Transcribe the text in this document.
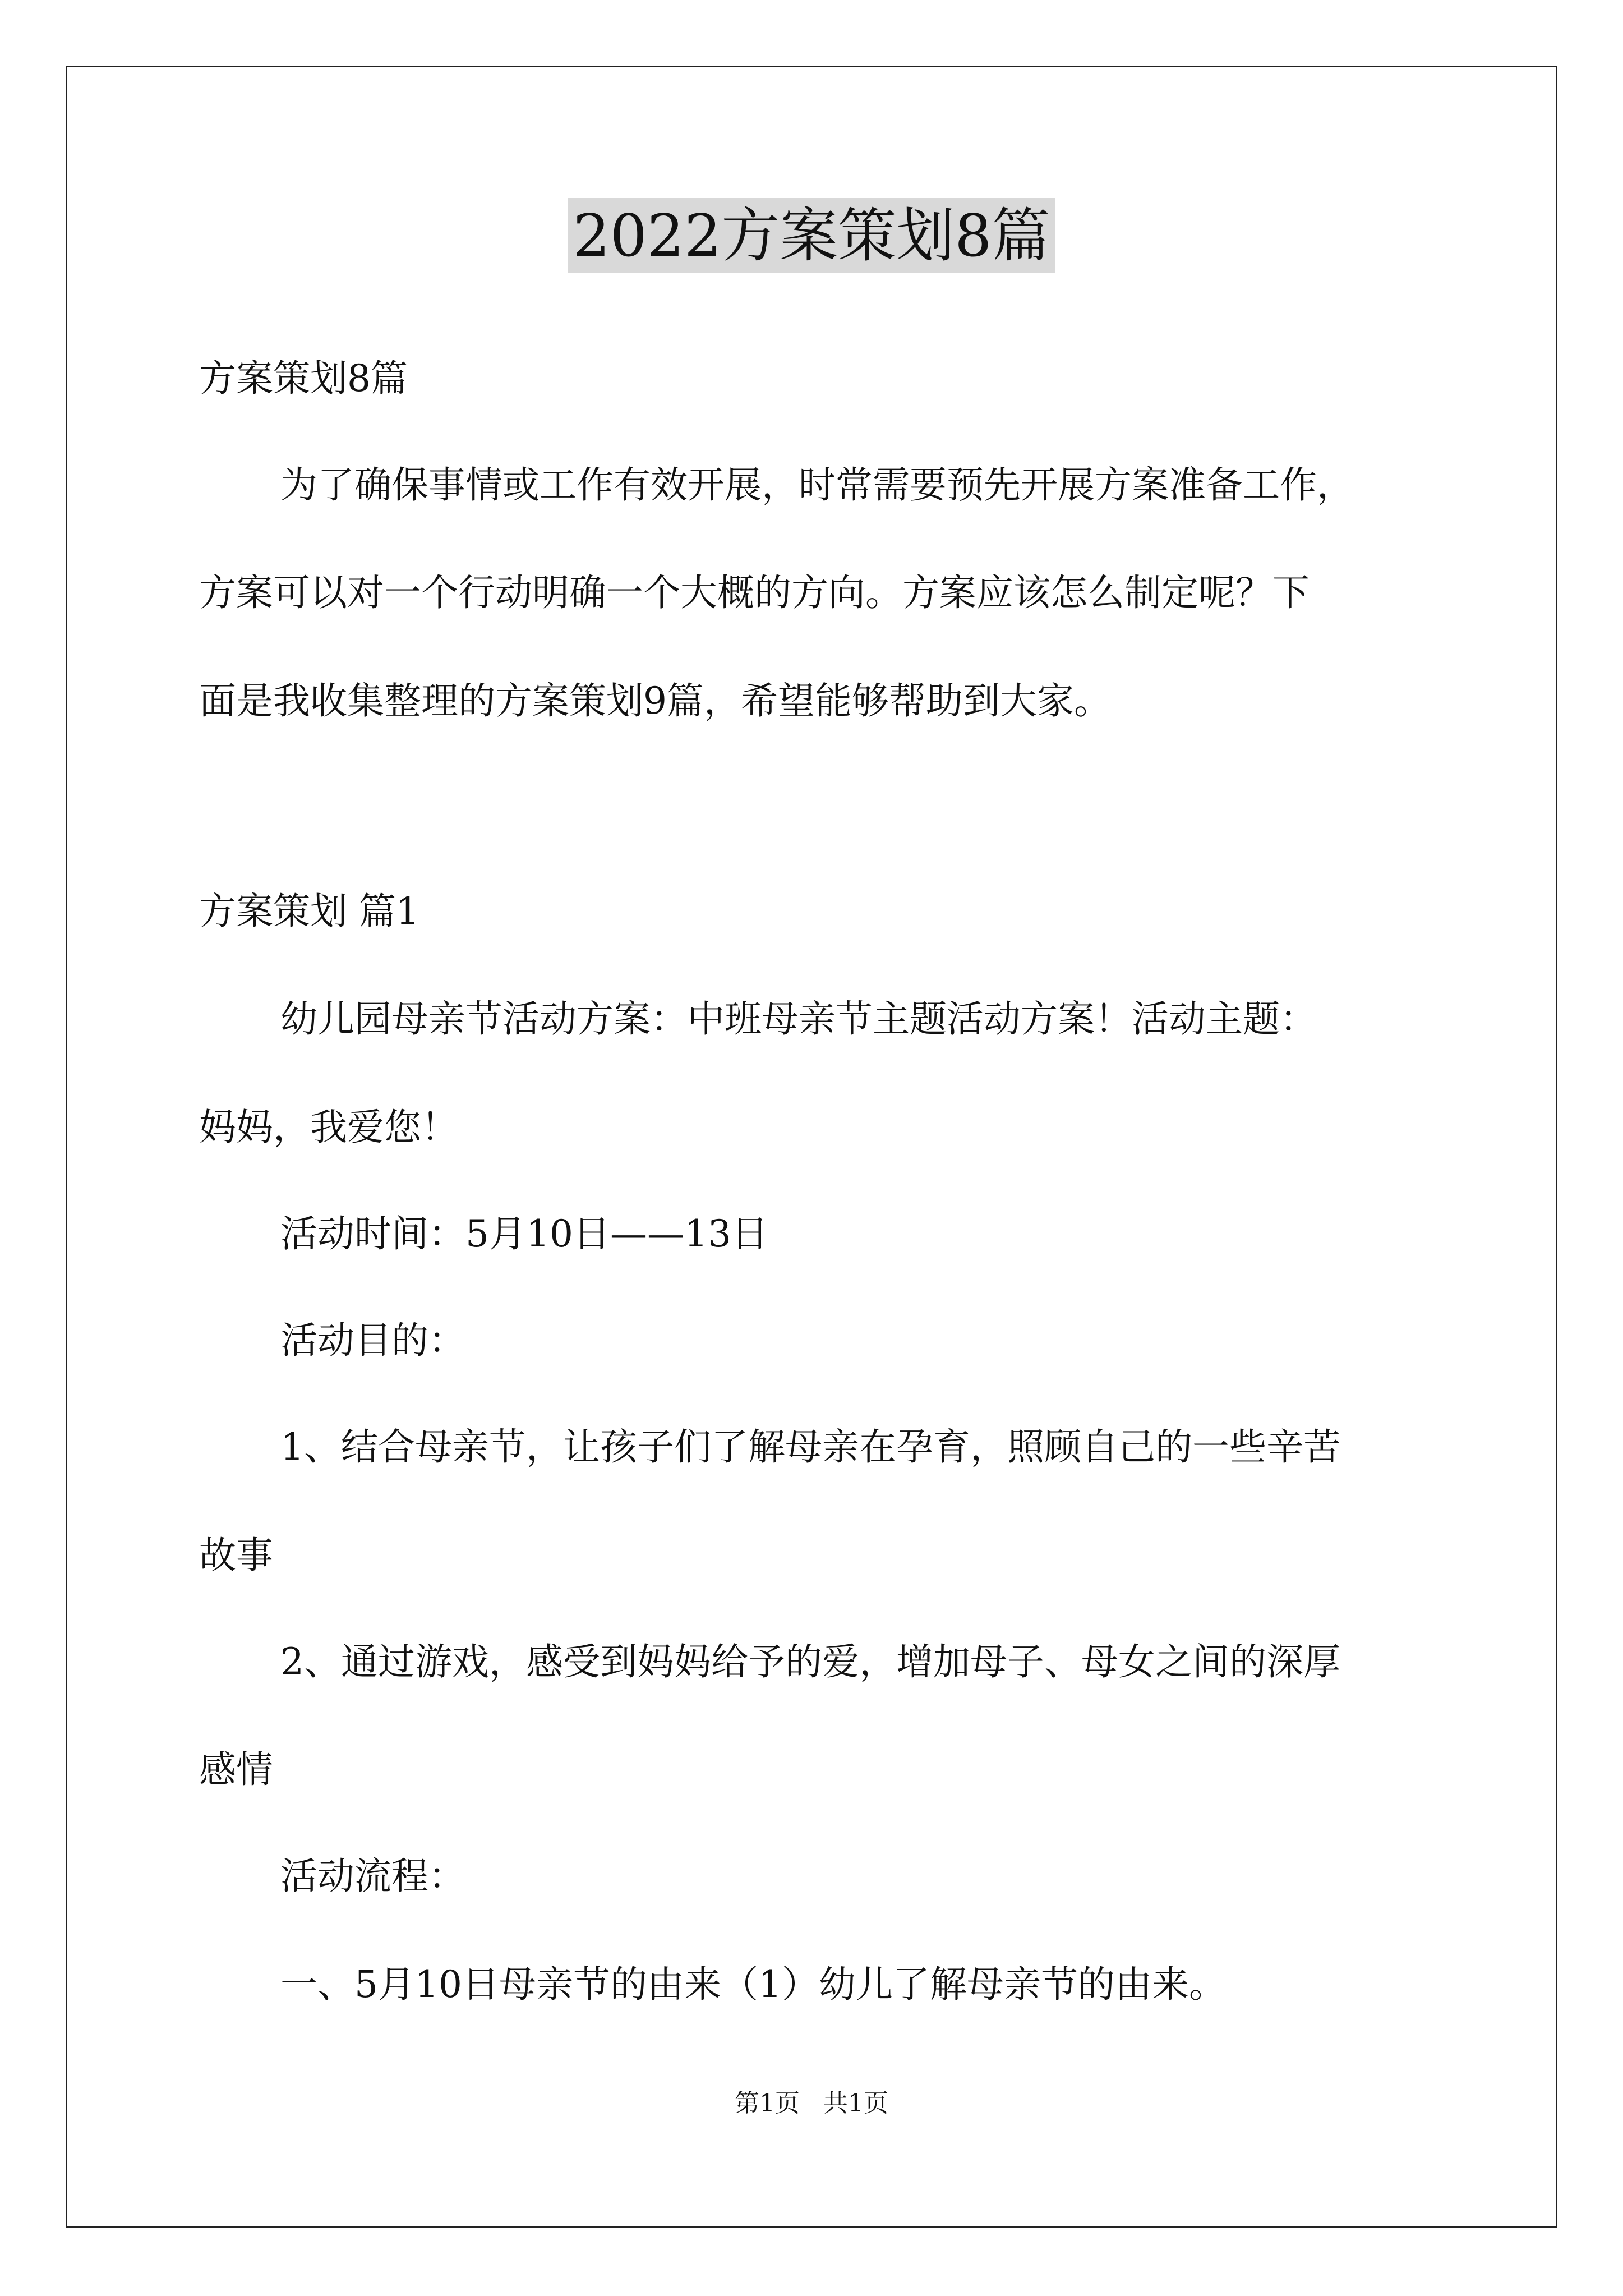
2022方案策划8篇
方案策划8篇
为了确保事情或工作有效开展，时常需要预先开展方案准备工作，
方案可以对一个行动明确一个大概的方向。方案应该怎么制定呢？下
面是我收集整理的方案策划9篇，希望能够帮助到大家。
方案策划 篇1
幼儿园母亲节活动方案：中班母亲节主题活动方案！活动主题：
妈妈，我爱您！
活动时间：5月10日——13日
活动目的：
1、结合母亲节，让孩子们了解母亲在孕育，照顾自己的一些辛苦
故事
2、通过游戏，感受到妈妈给予的爱，增加母子、母女之间的深厚
感情
活动流程：
一、5月10日母亲节的由来（1）幼儿了解母亲节的由来。
第1页   共1页
